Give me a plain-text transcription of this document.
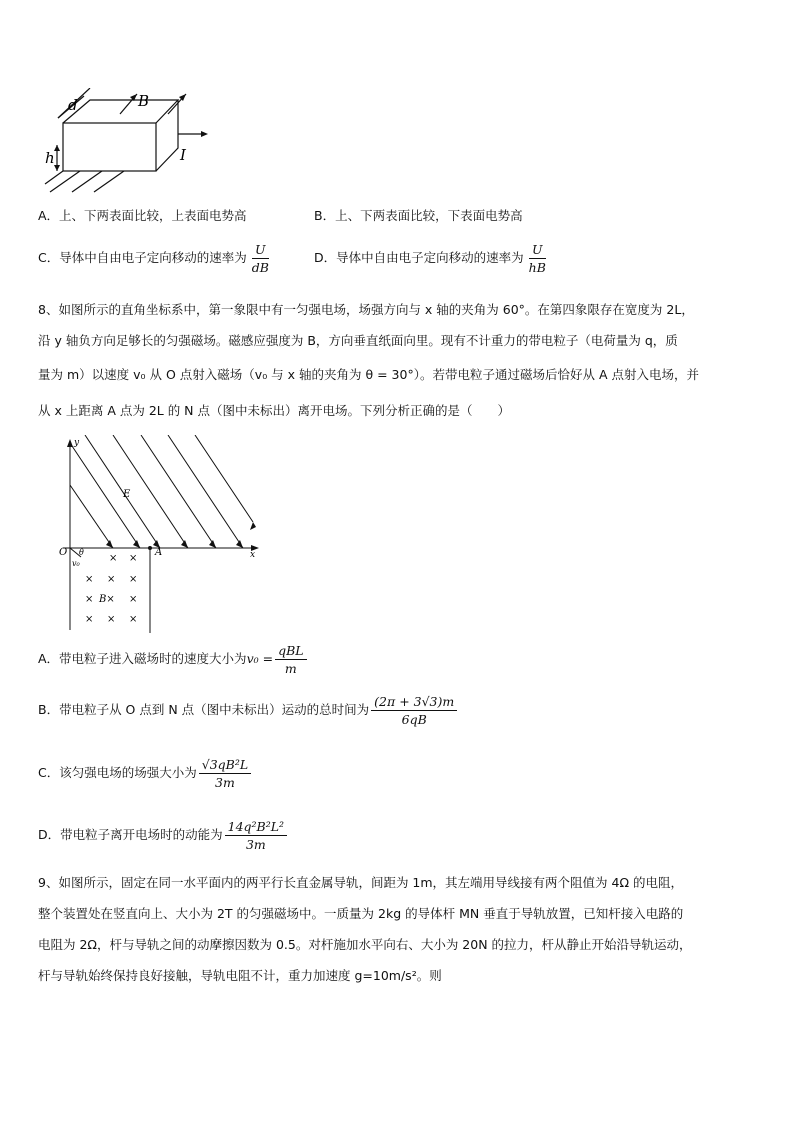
d	B
h	I
A．上、下两表面比较，上表面电势高	B．上、下两表面比较，下表面电势高
C．导体中自由电子定向移动的速率为 $\frac{U}{dB}$	D．导体中自由电子定向移动的速率为 $\frac{U}{hB}$
8、如图所示的直角坐标系中，第一象限中有一匀强电场，场强方向与 x 轴的夹角为 60°。在第四象限存在宽度为 2L，
沿 y 轴负方向足够长的匀强磁场。磁感应强度为 B，方向垂直纸面向里。现有不计重力的带电粒子（电荷量为 q，质
量为 m）以速度 v₀ 从 O 点射入磁场（v₀ 与 x 轴的夹角为 θ = 30°）。若带电粒子通过磁场后恰好从 A 点射入电场，并
从 x 上距离 A 点为 2L 的 N 点（图中未标出）离开电场。下列分析正确的是（　　）
y
x
O	A
E
θ
v₀
B×
× ×
× × ×
×	×
× × ×
A．带电粒子进入磁场时的速度大小为$v_0 = \frac{\text{qBL}}{m}$
B．带电粒子从 O 点到 N 点（图中未标出）运动的总时间为 $\frac{(2\pi + 3√3)m}{6qB}$
C．该匀强电场的场强大小为 $\frac{\text{√3qB²L}}{3m}$
D．带电粒子离开电场时的动能为 $\frac{\text{14q²B²L²}}{3m}$
9、如图所示，固定在同一水平面内的两平行长直金属导轨，间距为 1m，其左端用导线接有两个阻值为 4Ω 的电阻，
整个装置处在竖直向上、大小为 2T 的匀强磁场中。一质量为 2kg 的导体杆 MN 垂直于导轨放置，已知杆接入电路的
电阻为 2Ω，杆与导轨之间的动摩擦因数为 0.5。对杆施加水平向右、大小为 20N 的拉力，杆从静止开始沿导轨运动，
杆与导轨始终保持良好接触，导轨电阻不计，重力加速度 g=10m/s²。则
